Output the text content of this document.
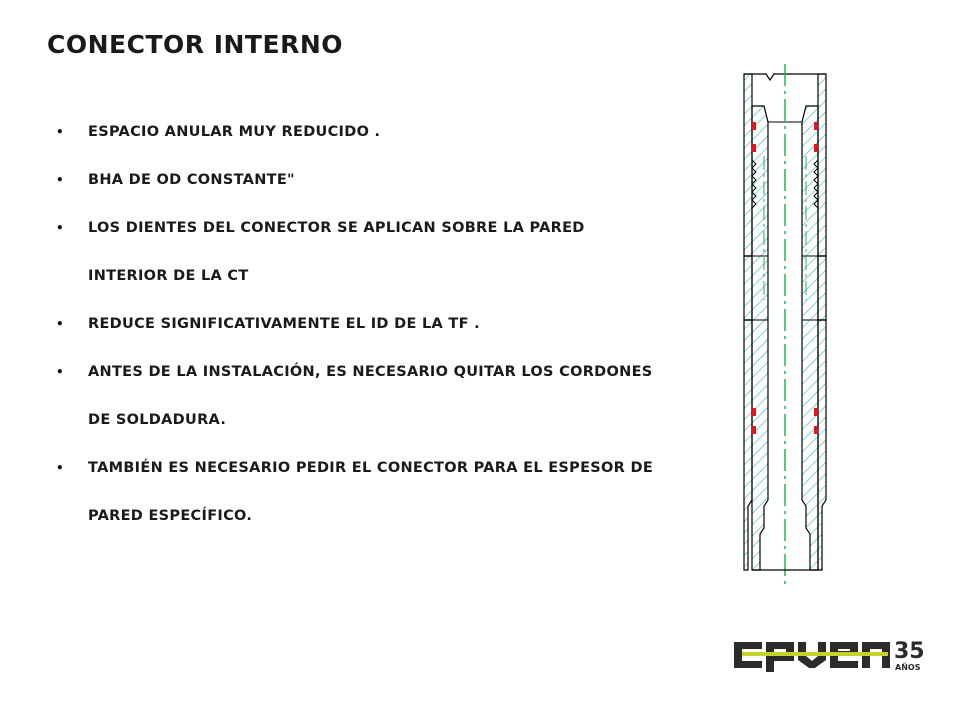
CONECTOR INTERNO
• ESPACIO ANULAR MUY REDUCIDO .
• BHA DE OD CONSTANTE"
• LOS DIENTES DEL CONECTOR SE APLICAN SOBRE LA PARED INTERIOR DE LA CT
• REDUCE SIGNIFICATIVAMENTE EL ID DE LA TF .
• ANTES DE LA INSTALACIÓN, ES NECESARIO QUITAR LOS CORDONES DE SOLDADURA.
• TAMBIÉN ES NECESARIO PEDIR EL CONECTOR PARA EL ESPESOR DE PARED ESPECÍFICO.
35
AÑOS
